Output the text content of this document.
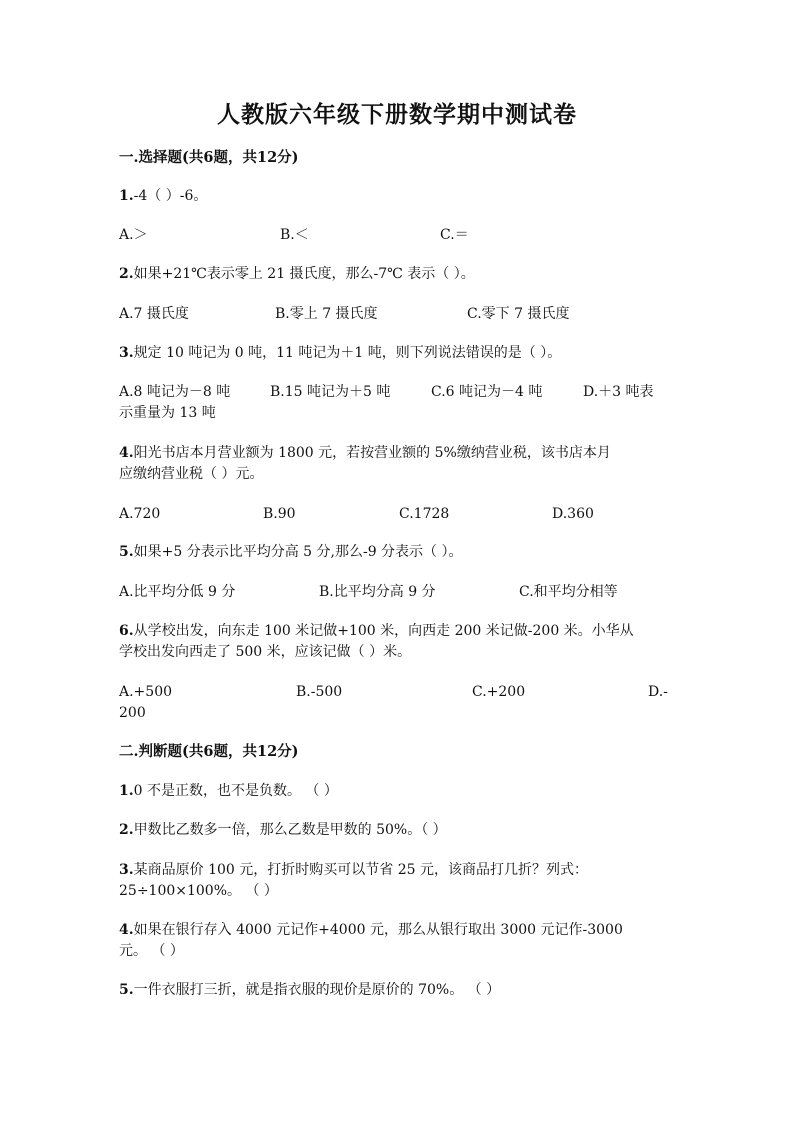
人教版六年级下册数学期中测试卷
一.选择题(共6题，共12分)
1.-4（ ）-6。
A.＞	B.＜	C.＝
2.如果+21℃表示零上 21 摄氏度，那么-7℃ 表示（ ）。
A.7 摄氏度	B.零上 7 摄氏度	C.零下 7 摄氏度
3.规定 10 吨记为 0 吨，11 吨记为＋1 吨，则下列说法错误的是（ ）。
A.8 吨记为－8 吨	B.15 吨记为＋5 吨	C.6 吨记为－4 吨	D.＋3 吨表
示重量为 13 吨
4.阳光书店本月营业额为 1800 元，若按营业额的 5%缴纳营业税，该书店本月
应缴纳营业税（ ）元。
A.720	B.90	C.1728	D.360
5.如果+5 分表示比平均分高 5 分,那么-9 分表示（ ）。
A.比平均分低 9 分	B.比平均分高 9 分	C.和平均分相等
6.从学校出发，向东走 100 米记做+100 米，向西走 200 米记做-200 米。小华从
学校出发向西走了 500 米，应该记做（ ）米。
A.+500	B.-500	C.+200	D.-
200
二.判断题(共6题，共12分)
1.0 不是正数，也不是负数。 （ ）
2.甲数比乙数多一倍，那么乙数是甲数的 50%。（ ）
3.某商品原价 100 元，打折时购买可以节省 25 元，该商品打几折？列式：
25÷100×100%。 （ ）
4.如果在银行存入 4000 元记作+4000 元，那么从银行取出 3000 元记作-3000
元。 （ ）
5.一件衣服打三折，就是指衣服的现价是原价的 70%。 （ ）
